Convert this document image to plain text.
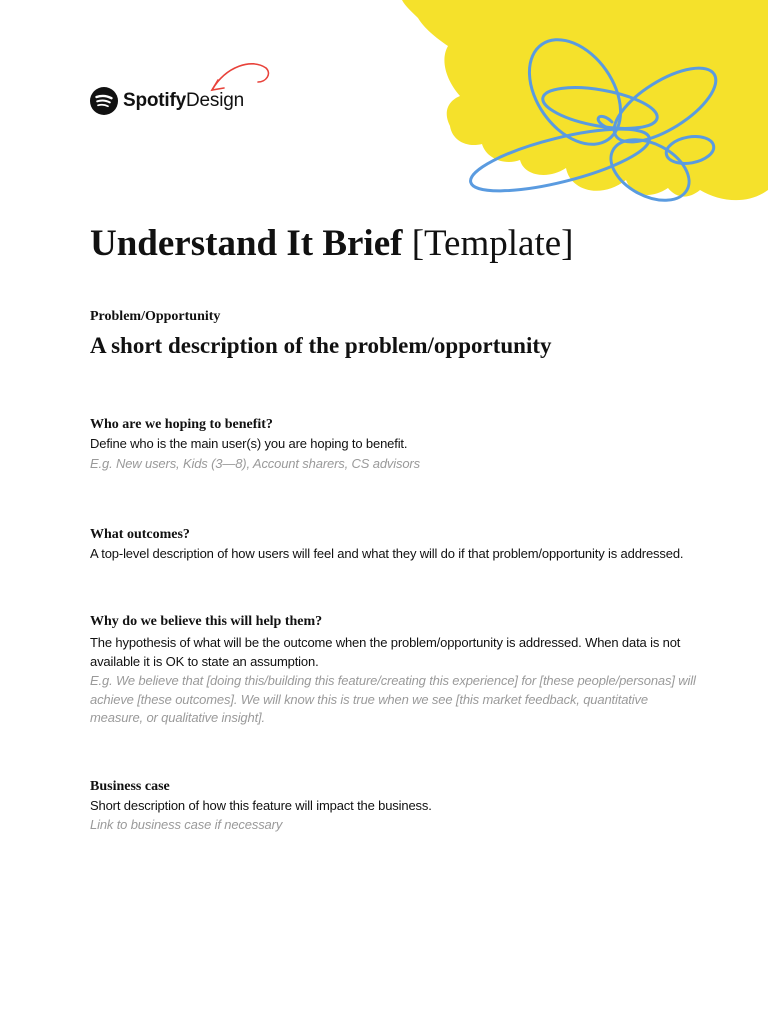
SpotifyDesign
Understand It Brief [Template]
Problem/Opportunity
A short description of the problem/opportunity
Who are we hoping to benefit?
Define who is the main user(s) you are hoping to benefit.
E.g. New users, Kids (3—8), Account sharers, CS advisors
What outcomes?
A top-level description of how users will feel and what they will do if that problem/opportunity is addressed.
Why do we believe this will help them?
The hypothesis of what will be the outcome when the problem/opportunity is addressed. When data is not available it is OK to state an assumption.
E.g. We believe that [doing this/building this feature/creating this experience] for [these people/personas] will achieve [these outcomes]. We will know this is true when we see [this market feedback, quantitative measure, or qualitative insight].
Business case
Short description of how this feature will impact the business.
Link to business case if necessary
